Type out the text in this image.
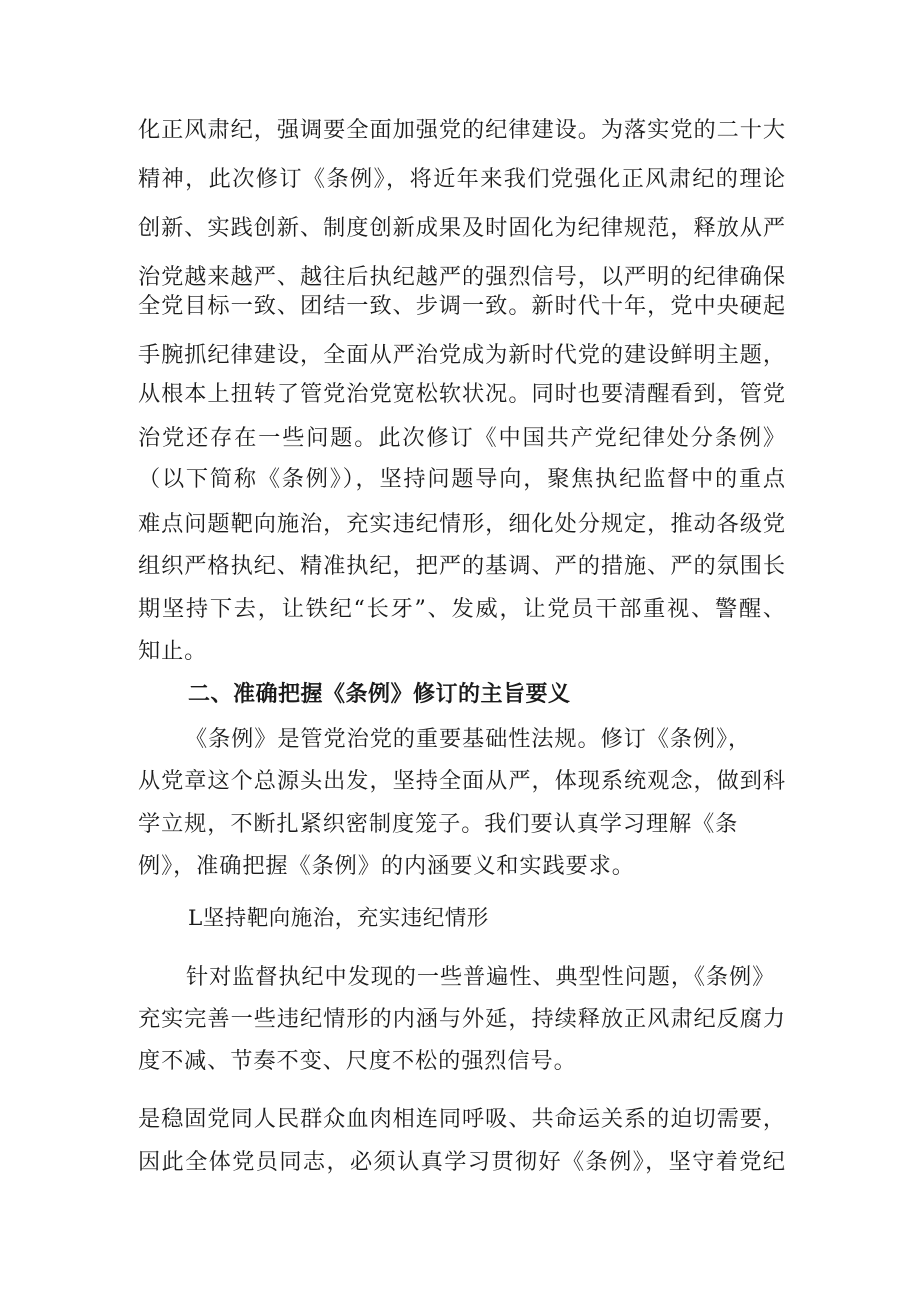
化正风肃纪，强调要全面加强党的纪律建设。为落实党的二十大
精神，此次修订《条例》，将近年来我们党强化正风肃纪的理论
创新、实践创新、制度创新成果及时固化为纪律规范，释放从严
治党越来越严、越往后执纪越严的强烈信号，以严明的纪律确保
全党目标一致、团结一致、步调一致。新时代十年，党中央硬起
手腕抓纪律建设，全面从严治党成为新时代党的建设鲜明主题，
从根本上扭转了管党治党宽松软状况。同时也要清醒看到，管党
治党还存在一些问题。此次修订《中国共产党纪律处分条例》
（以下简称《条例》），坚持问题导向，聚焦执纪监督中的重点
难点问题靶向施治，充实违纪情形，细化处分规定，推动各级党
组织严格执纪、精准执纪，把严的基调、严的措施、严的氛围长
期坚持下去，让铁纪“长牙”、发威，让党员干部重视、警醒、
知止。
二、准确把握《条例》修订的主旨要义
《条例》是管党治党的重要基础性法规。修订《条例》，
从党章这个总源头出发，坚持全面从严，体现系统观念，做到科
学立规，不断扎紧织密制度笼子。我们要认真学习理解《条
例》，准确把握《条例》的内涵要义和实践要求。
L坚持靶向施治，充实违纪情形
针对监督执纪中发现的一些普遍性、典型性问题，《条例》
充实完善一些违纪情形的内涵与外延，持续释放正风肃纪反腐力
度不减、节奏不变、尺度不松的强烈信号。
是稳固党同人民群众血肉相连同呼吸、共命运关系的迫切需要，
因此全体党员同志，必须认真学习贯彻好《条例》，坚守着党纪
